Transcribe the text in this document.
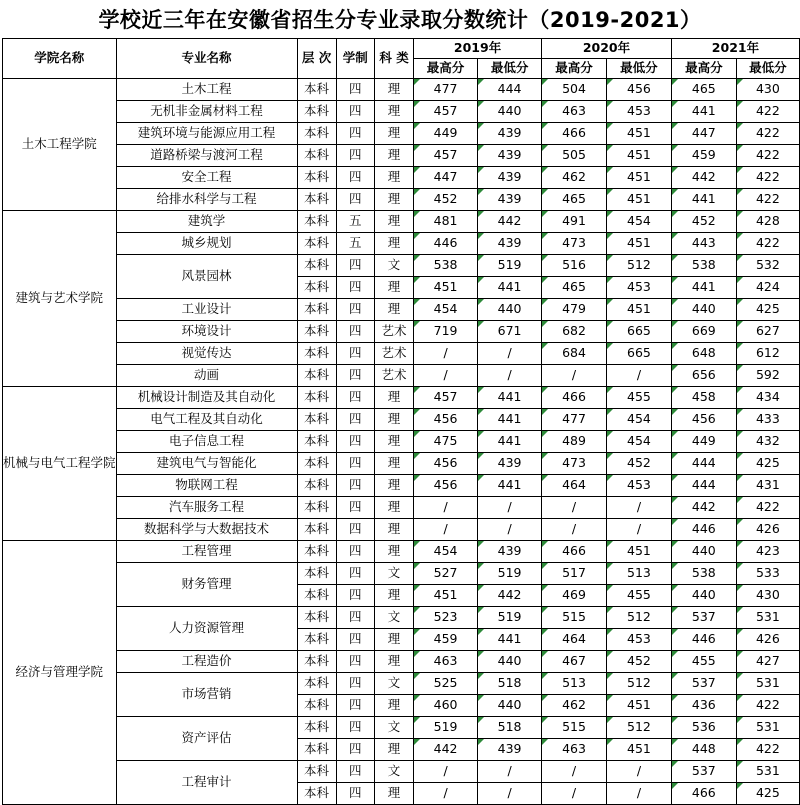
学校近三年在安徽省招生分专业录取分数统计（2019-2021）
学院名称	专业名称	层 次	学制	科 类	2019年		2020年		2021年	
					最高分	最低分	最高分	最低分	最高分	最低分
土木工程学院	土木工程	本科	四	理	477	444	504	456	465	430
	无机非金属材料工程	本科	四	理	457	440	463	453	441	422
	建筑环境与能源应用工程	本科	四	理	449	439	466	451	447	422
	道路桥梁与渡河工程	本科	四	理	457	439	505	451	459	422
	安全工程	本科	四	理	447	439	462	451	442	422
	给排水科学与工程	本科	四	理	452	439	465	451	441	422
建筑与艺术学院	建筑学	本科	五	理	481	442	491	454	452	428
	城乡规划	本科	五	理	446	439	473	451	443	422
	风景园林	本科	四	文	538	519	516	512	538	532
		本科	四	理	451	441	465	453	441	424
	工业设计	本科	四	理	454	440	479	451	440	425
	环境设计	本科	四	艺术	719	671	682	665	669	627
	视觉传达	本科	四	艺术	/	/	684	665	648	612
	动画	本科	四	艺术	/	/	/	/	656	592
机械与电气工程学院	机械设计制造及其自动化	本科	四	理	457	441	466	455	458	434
	电气工程及其自动化	本科	四	理	456	441	477	454	456	433
	电子信息工程	本科	四	理	475	441	489	454	449	432
	建筑电气与智能化	本科	四	理	456	439	473	452	444	425
	物联网工程	本科	四	理	456	441	464	453	444	431
	汽车服务工程	本科	四	理	/	/	/	/	442	422
	数据科学与大数据技术	本科	四	理	/	/	/	/	446	426
经济与管理学院	工程管理	本科	四	理	454	439	466	451	440	423
	财务管理	本科	四	文	527	519	517	513	538	533
		本科	四	理	451	442	469	455	440	430
	人力资源管理	本科	四	文	523	519	515	512	537	531
		本科	四	理	459	441	464	453	446	426
	工程造价	本科	四	理	463	440	467	452	455	427
	市场营销	本科	四	文	525	518	513	512	537	531
		本科	四	理	460	440	462	451	436	422
	资产评估	本科	四	文	519	518	515	512	536	531
		本科	四	理	442	439	463	451	448	422
	工程审计	本科	四	文	/	/	/	/	537	531
		本科	四	理	/	/	/	/	466	425
